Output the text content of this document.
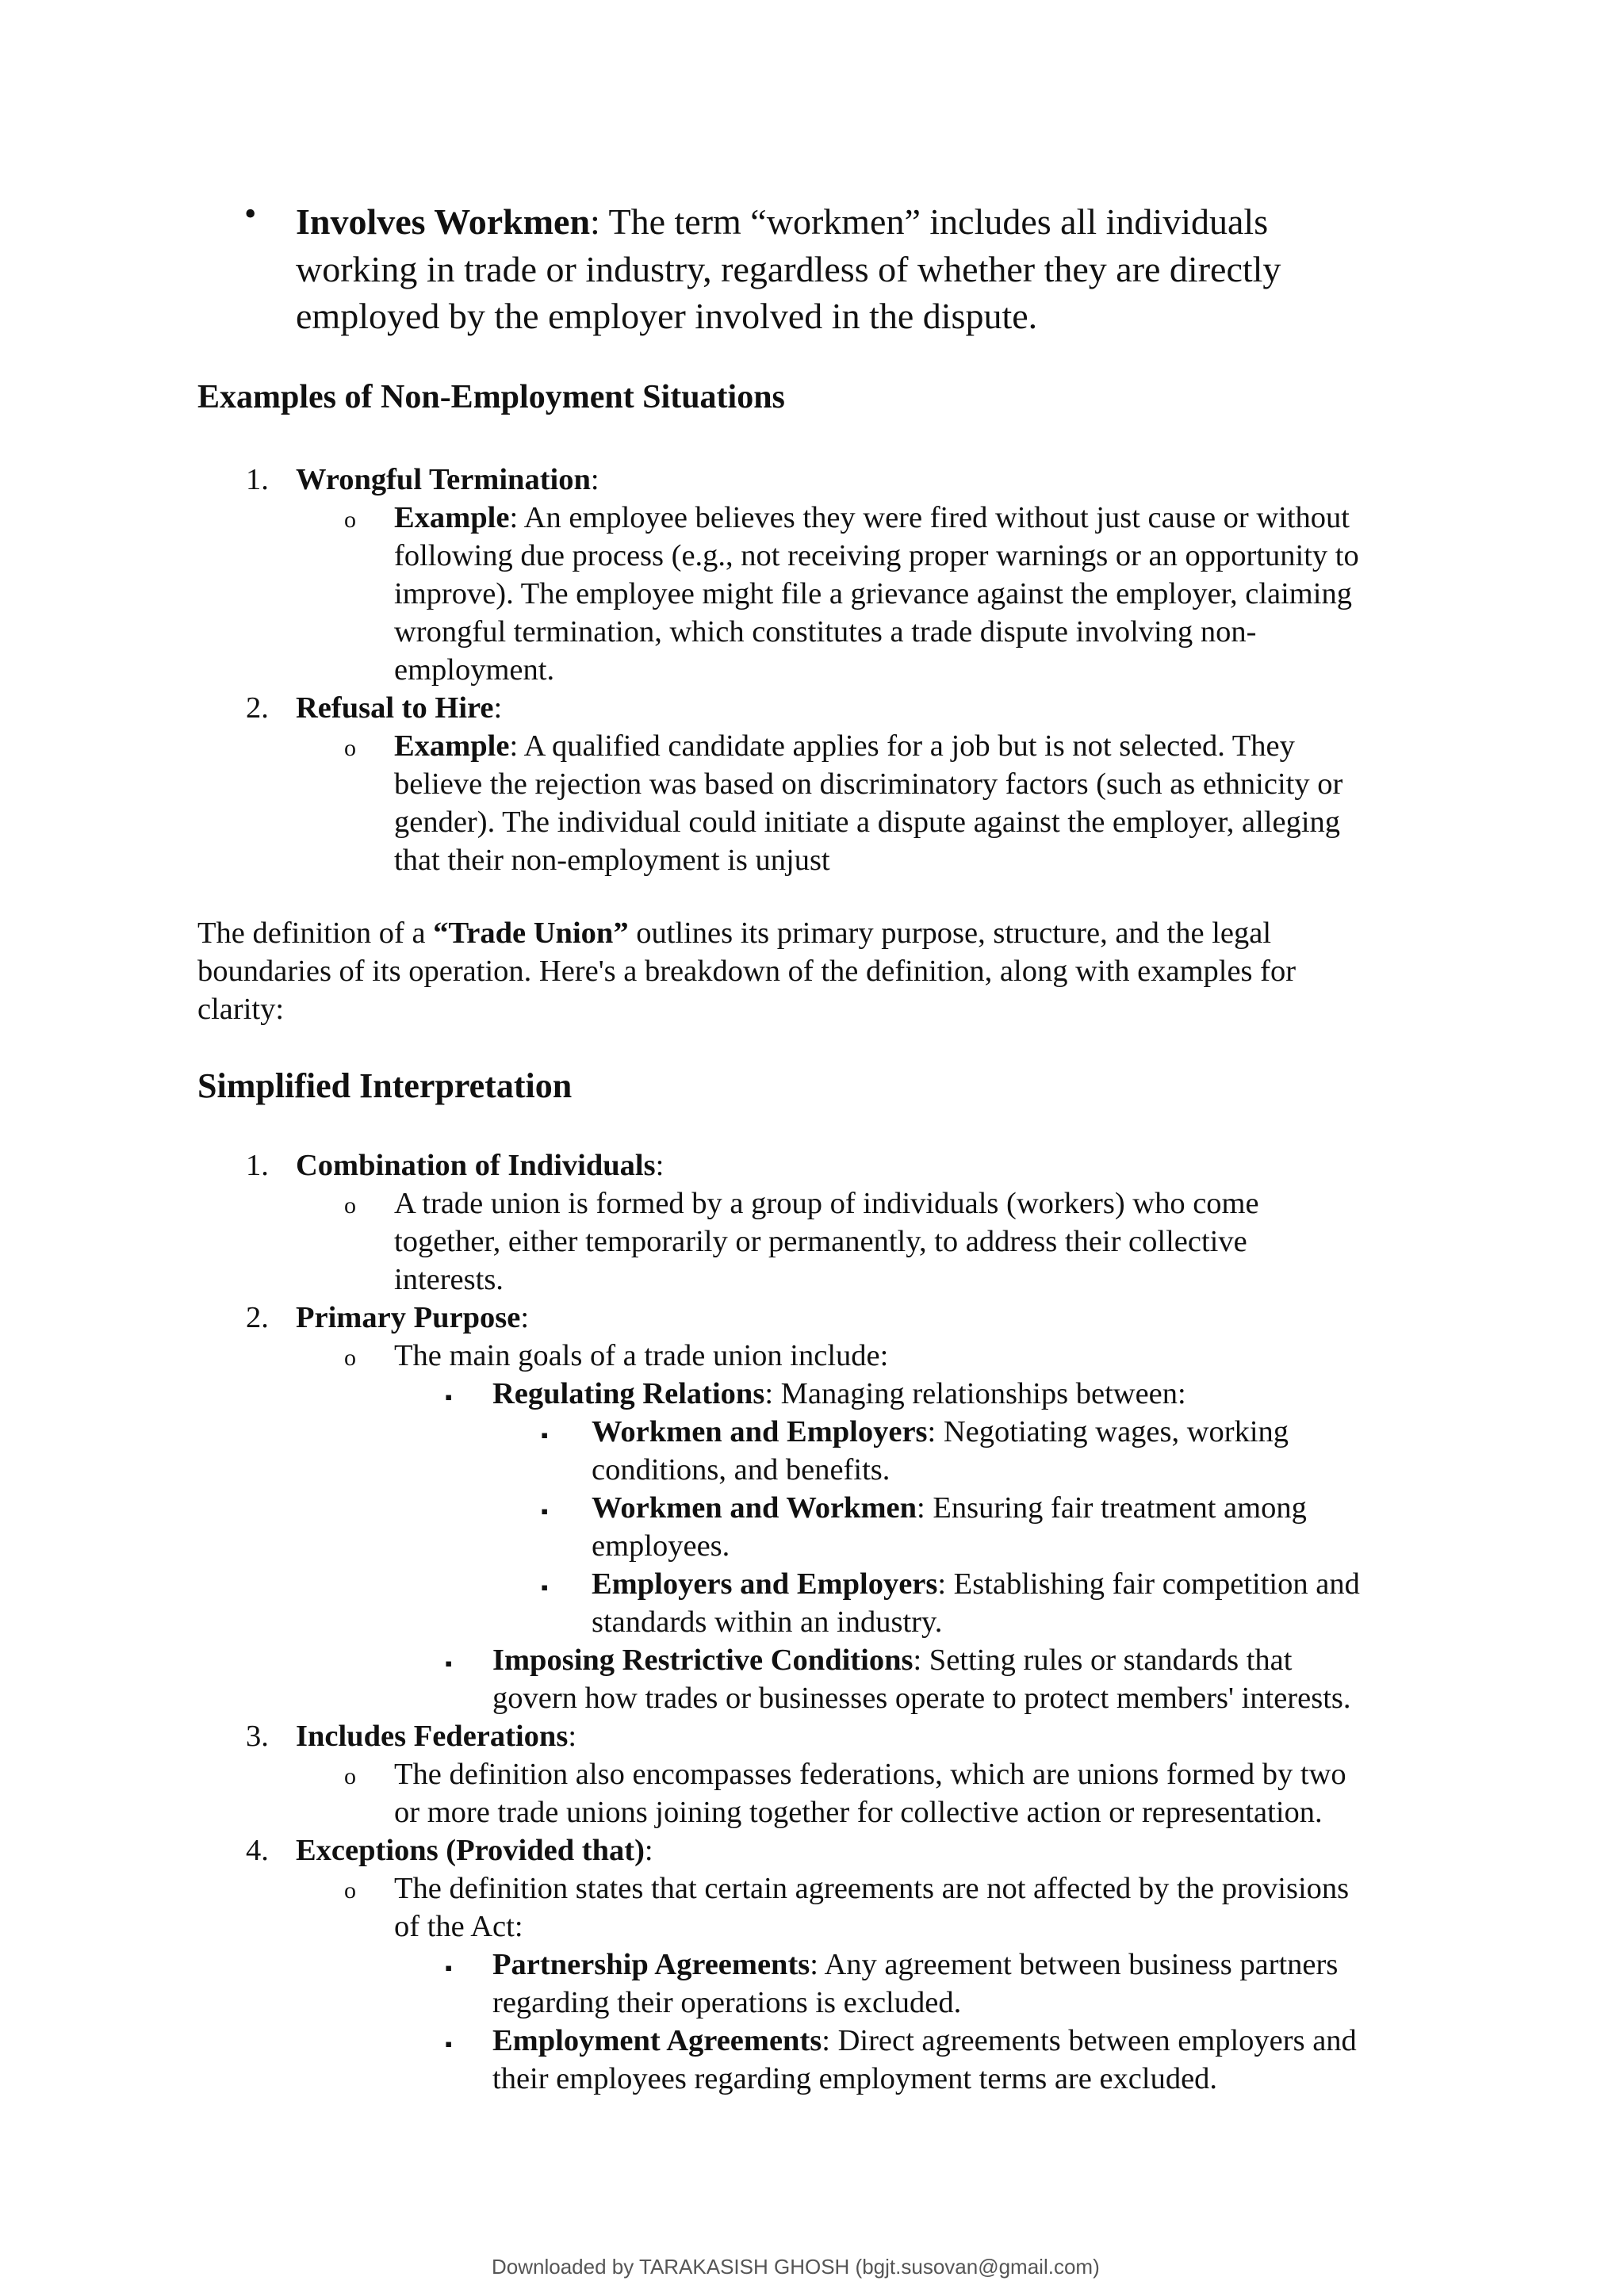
• Involves Workmen: The term “workmen” includes all individuals
working in trade or industry, regardless of whether they are directly
employed by the employer involved in the dispute.
Examples of Non-Employment Situations
1. Wrongful Termination:
o Example: An employee believes they were fired without just cause or without
following due process (e.g., not receiving proper warnings or an opportunity to
improve). The employee might file a grievance against the employer, claiming
wrongful termination, which constitutes a trade dispute involving non-
employment.
2. Refusal to Hire:
o Example: A qualified candidate applies for a job but is not selected. They
believe the rejection was based on discriminatory factors (such as ethnicity or
gender). The individual could initiate a dispute against the employer, alleging
that their non-employment is unjust
The definition of a “Trade Union” outlines its primary purpose, structure, and the legal
boundaries of its operation. Here's a breakdown of the definition, along with examples for
clarity:
Simplified Interpretation
1. Combination of Individuals:
o A trade union is formed by a group of individuals (workers) who come
together, either temporarily or permanently, to address their collective
interests.
2. Primary Purpose:
o The main goals of a trade union include:
▪ Regulating Relations: Managing relationships between:
▪ Workmen and Employers: Negotiating wages, working
conditions, and benefits.
▪ Workmen and Workmen: Ensuring fair treatment among
employees.
▪ Employers and Employers: Establishing fair competition and
standards within an industry.
▪ Imposing Restrictive Conditions: Setting rules or standards that
govern how trades or businesses operate to protect members' interests.
3. Includes Federations:
o The definition also encompasses federations, which are unions formed by two
or more trade unions joining together for collective action or representation.
4. Exceptions (Provided that):
o The definition states that certain agreements are not affected by the provisions
of the Act:
▪ Partnership Agreements: Any agreement between business partners
regarding their operations is excluded.
▪ Employment Agreements: Direct agreements between employers and
their employees regarding employment terms are excluded.
Downloaded by TARAKASISH GHOSH (bgjt.susovan@gmail.com)
